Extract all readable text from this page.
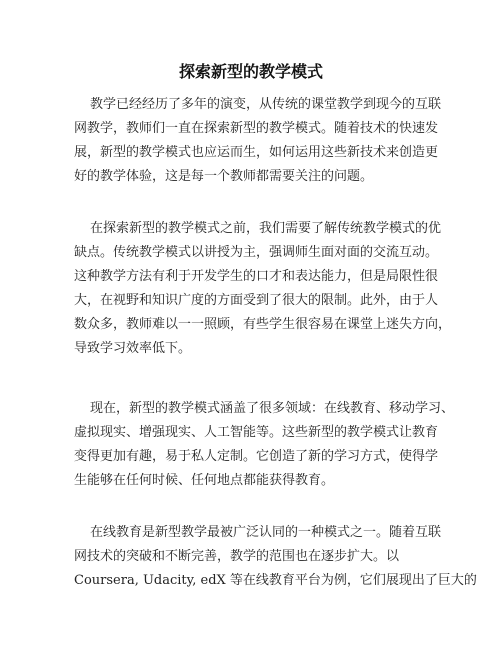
探索新型的教学模式
教学已经经历了多年的演变，从传统的课堂教学到现今的互联
网教学，教师们一直在探索新型的教学模式。随着技术的快速发
展，新型的教学模式也应运而生，如何运用这些新技术来创造更
好的教学体验，这是每一个教师都需要关注的问题。
在探索新型的教学模式之前，我们需要了解传统教学模式的优
缺点。传统教学模式以讲授为主，强调师生面对面的交流互动。
这种教学方法有利于开发学生的口才和表达能力，但是局限性很
大，在视野和知识广度的方面受到了很大的限制。此外，由于人
数众多，教师难以一一照顾，有些学生很容易在课堂上迷失方向，
导致学习效率低下。
现在，新型的教学模式涵盖了很多领域：在线教育、移动学习、
虚拟现实、增强现实、人工智能等。这些新型的教学模式让教育
变得更加有趣，易于私人定制。它创造了新的学习方式，使得学
生能够在任何时候、任何地点都能获得教育。
在线教育是新型教学最被广泛认同的一种模式之一。随着互联
网技术的突破和不断完善，教学的范围也在逐步扩大。以
Coursera, Udacity, edX 等在线教育平台为例，它们展现出了巨大的
